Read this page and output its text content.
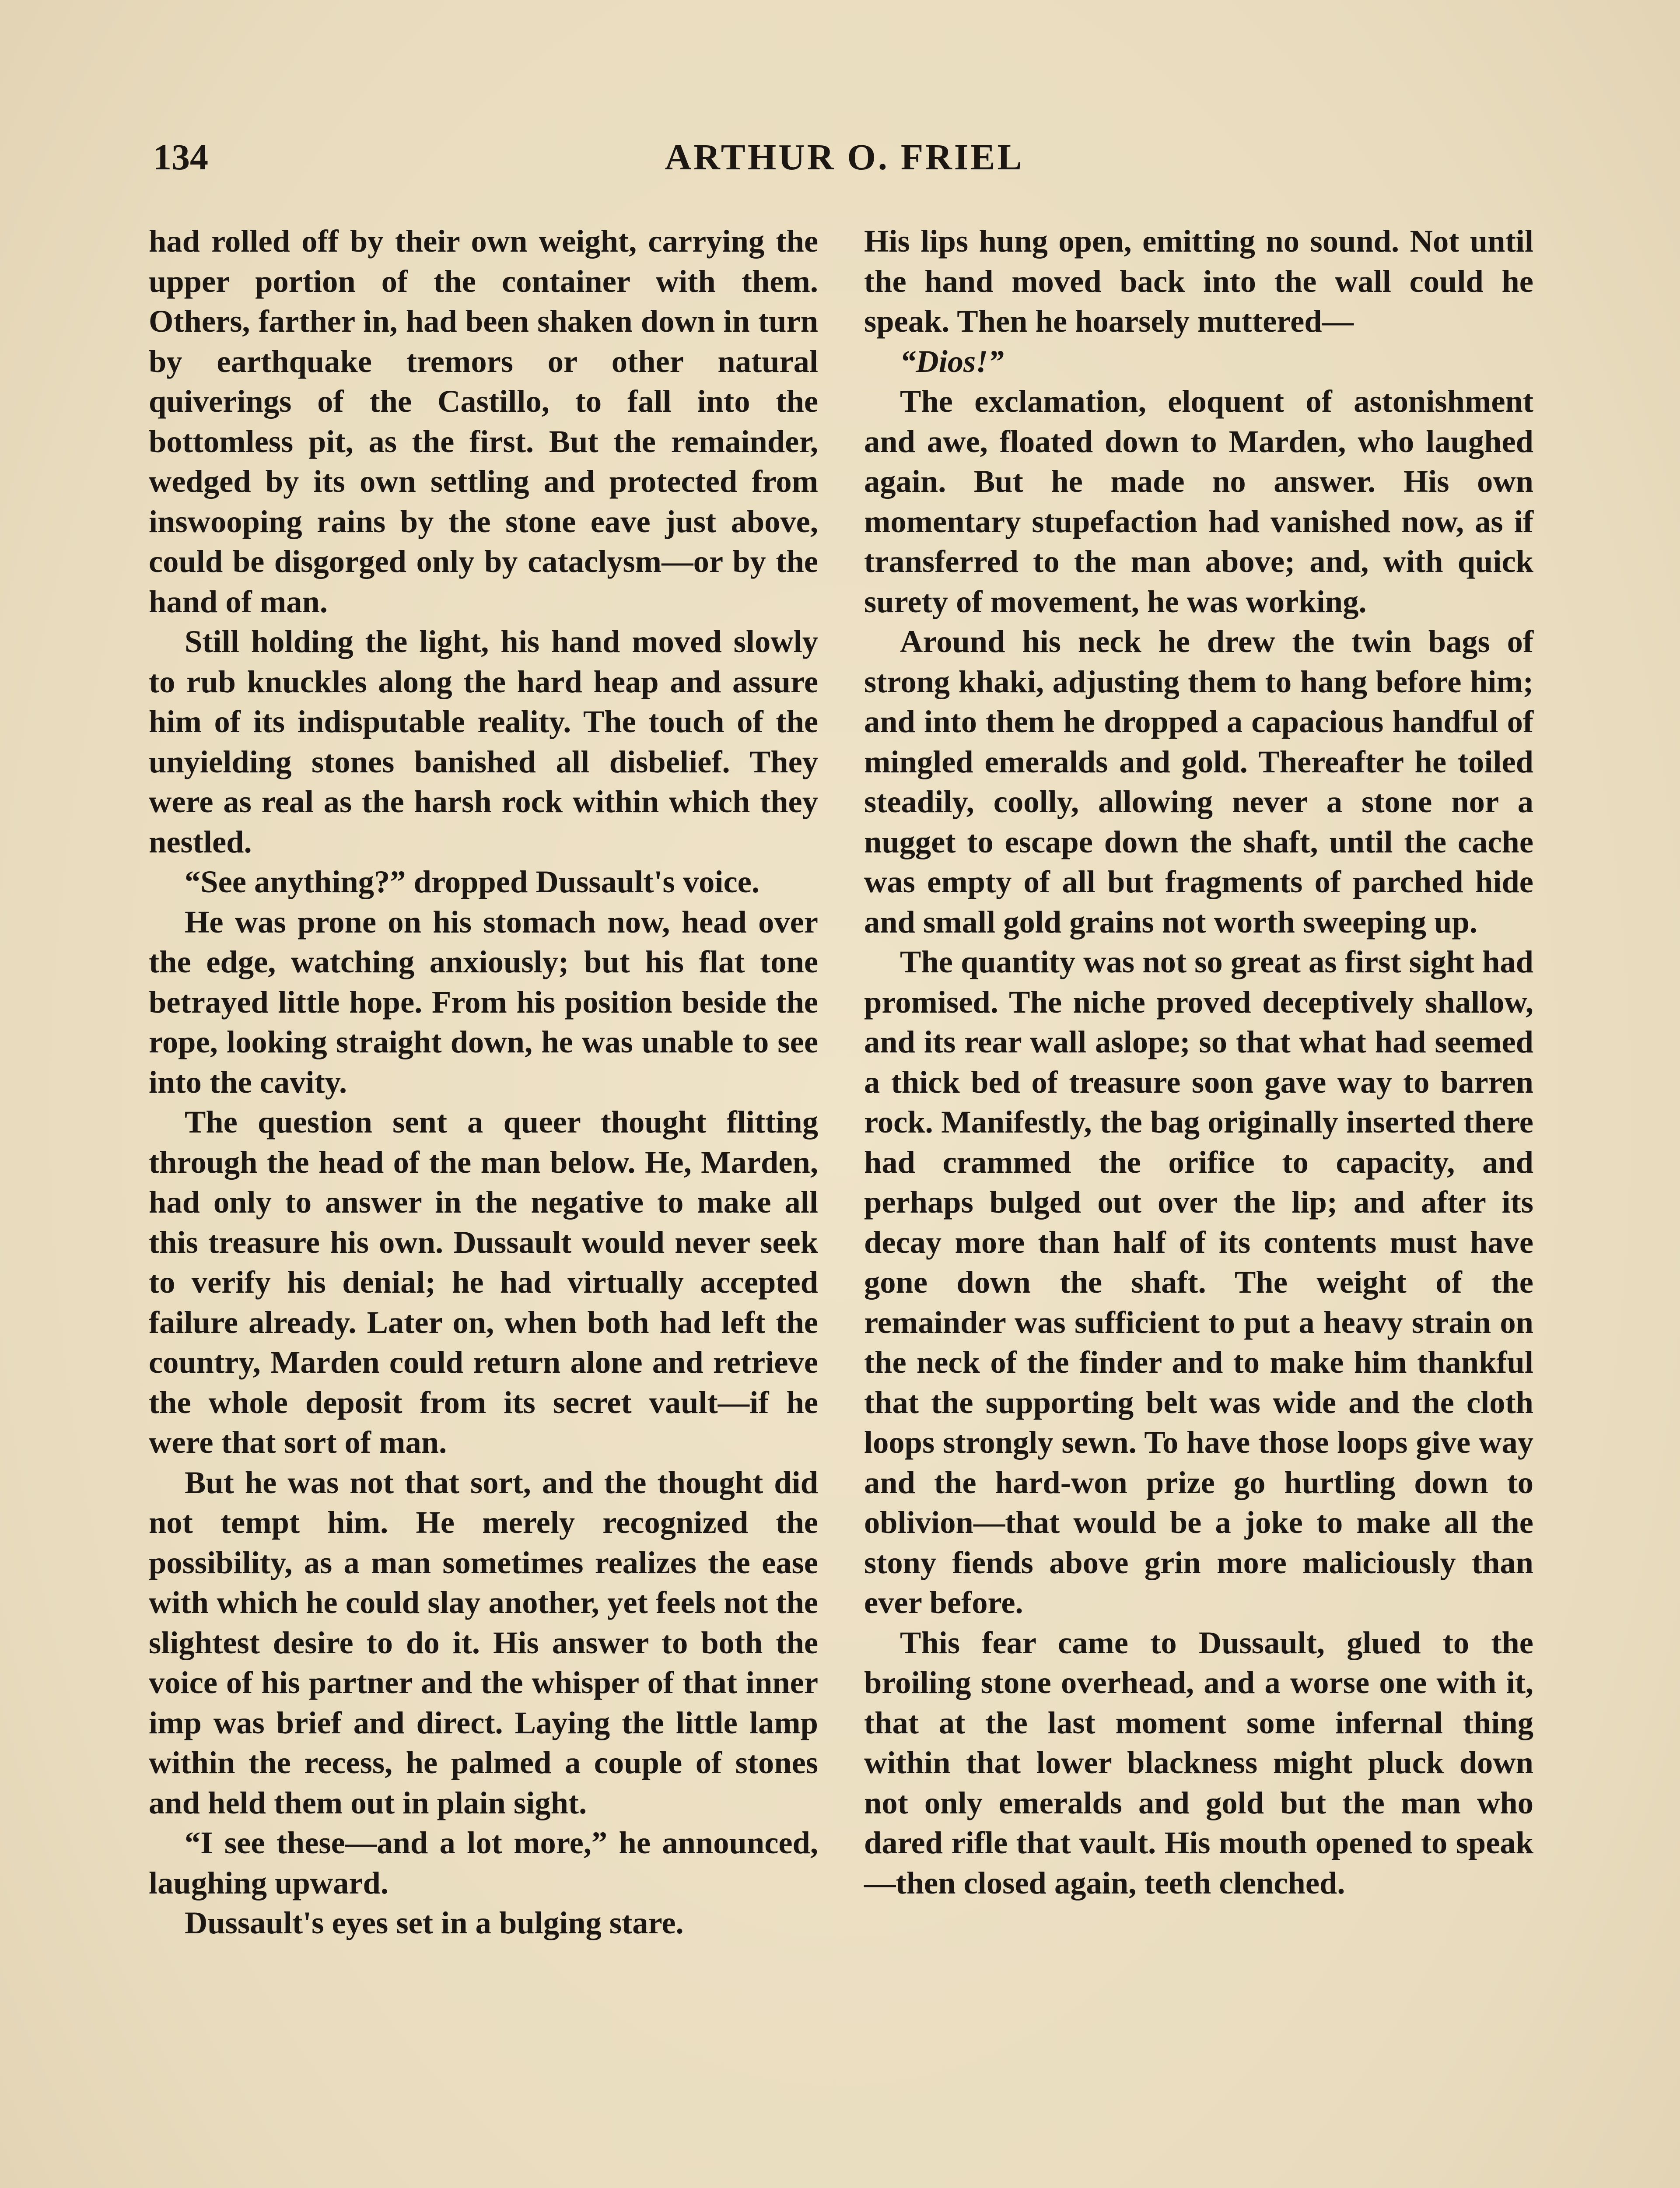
134	ARTHUR O. FRIEL

had rolled off by their own weight, carrying the upper portion of the container with them. Others, farther in, had been shaken down in turn by earthquake tremors or other natural quiverings of the Castillo, to fall into the bottomless pit, as the first. But the remainder, wedged by its own settling and protected from inswooping rains by the stone eave just above, could be disgorged only by cataclysm—or by the hand of man.

Still holding the light, his hand moved slowly to rub knuckles along the hard heap and assure him of its indisputable reality. The touch of the unyielding stones banished all disbelief. They were as real as the harsh rock within which they nestled.

“See anything?” dropped Dussault's voice.

He was prone on his stomach now, head over the edge, watching anxiously; but his flat tone betrayed little hope. From his position beside the rope, looking straight down, he was unable to see into the cavity.

The question sent a queer thought flitting through the head of the man below. He, Marden, had only to answer in the negative to make all this treasure his own. Dussault would never seek to verify his denial; he had virtually accepted failure already. Later on, when both had left the country, Marden could return alone and retrieve the whole deposit from its secret vault—if he were that sort of man.

But he was not that sort, and the thought did not tempt him. He merely recognized the possibility, as a man sometimes realizes the ease with which he could slay another, yet feels not the slightest desire to do it. His answer to both the voice of his partner and the whisper of that inner imp was brief and direct. Laying the little lamp within the recess, he palmed a couple of stones and held them out in plain sight.

“I see these—and a lot more,” he announced, laughing upward.

Dussault's eyes set in a bulging stare.

His lips hung open, emitting no sound. Not until the hand moved back into the wall could he speak. Then he hoarsely muttered—

“Dios!”

The exclamation, eloquent of astonishment and awe, floated down to Marden, who laughed again. But he made no answer. His own momentary stupefaction had vanished now, as if transferred to the man above; and, with quick surety of movement, he was working.

Around his neck he drew the twin bags of strong khaki, adjusting them to hang before him; and into them he dropped a capacious handful of mingled emeralds and gold. Thereafter he toiled steadily, coolly, allowing never a stone nor a nugget to escape down the shaft, until the cache was empty of all but fragments of parched hide and small gold grains not worth sweeping up.

The quantity was not so great as first sight had promised. The niche proved deceptively shallow, and its rear wall aslope; so that what had seemed a thick bed of treasure soon gave way to barren rock. Manifestly, the bag originally inserted there had crammed the orifice to capacity, and perhaps bulged out over the lip; and after its decay more than half of its contents must have gone down the shaft. The weight of the remainder was sufficient to put a heavy strain on the neck of the finder and to make him thankful that the supporting belt was wide and the cloth loops strongly sewn. To have those loops give way and the hard-won prize go hurtling down to oblivion—that would be a joke to make all the stony fiends above grin more maliciously than ever before.

This fear came to Dussault, glued to the broiling stone overhead, and a worse one with it, that at the last moment some infernal thing within that lower blackness might pluck down not only emeralds and gold but the man who dared rifle that vault. His mouth opened to speak—then closed again, teeth clenched.
